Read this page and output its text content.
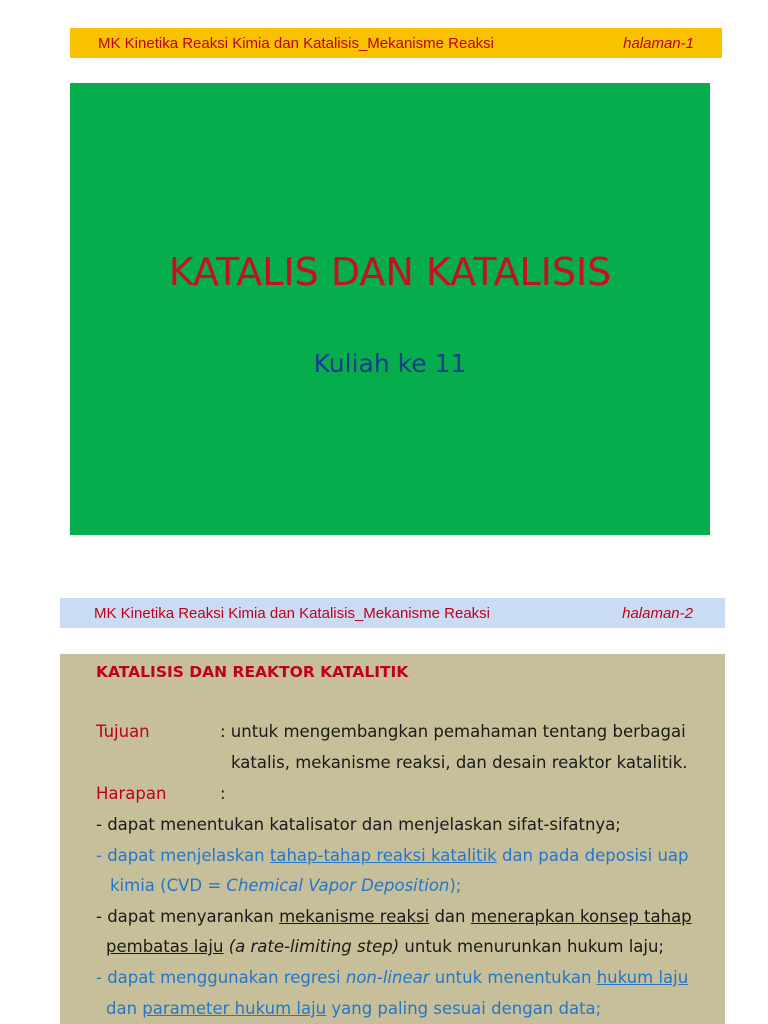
MK Kinetika Reaksi Kimia dan Katalisis_Mekanisme Reaksi	halaman-1
KATALIS DAN KATALISIS
Kuliah ke 11
MK Kinetika Reaksi Kimia dan Katalisis_Mekanisme Reaksi	halaman-2
KATALISIS DAN REAKTOR KATALITIK
Tujuan	: untuk mengembangkan pemahaman tentang berbagai
katalis, mekanisme reaksi, dan desain reaktor katalitik.
Harapan	:
- dapat menentukan katalisator dan menjelaskan sifat-sifatnya;
- dapat menjelaskan tahap-tahap reaksi katalitik dan pada deposisi uap
kimia (CVD = Chemical Vapor Deposition);
- dapat menyarankan mekanisme reaksi dan menerapkan konsep tahap
pembatas laju (a rate-limiting step) untuk menurunkan hukum laju;
- dapat menggunakan regresi non-linear untuk menentukan hukum laju
dan parameter hukum laju yang paling sesuai dengan data;
